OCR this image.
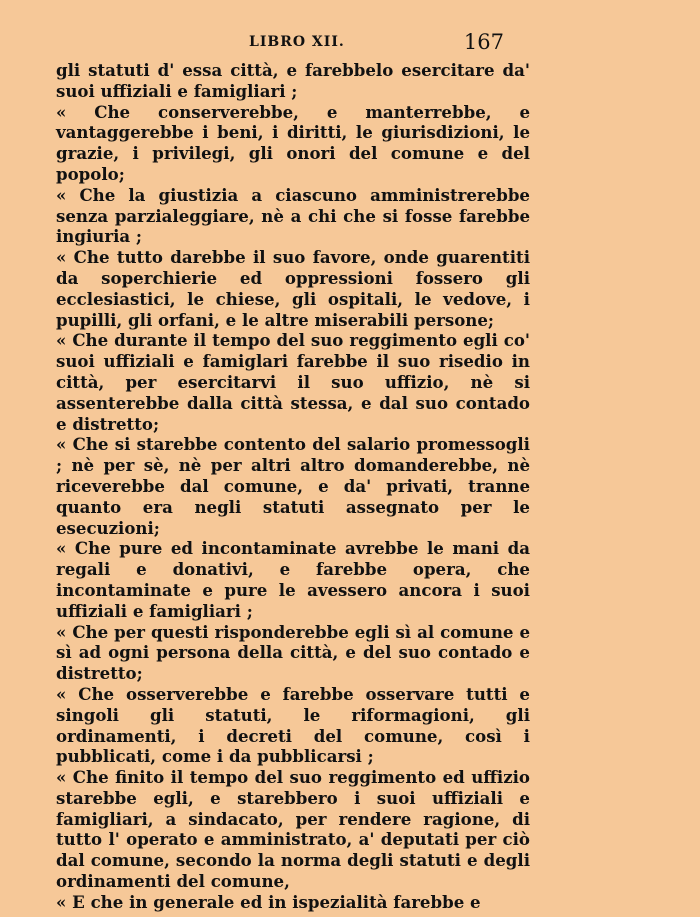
LIBRO XII.	167

gli statuti d' essa città, e farebbelo esercitare da' suoi uffiziali e famigliari ;

« Che conserverebbe, e manterrebbe, e vantaggerebbe i beni, i diritti, le giurisdizioni, le grazie, i privilegi, gli onori del comune e del popolo;

« Che la giustizia a ciascuno amministrerebbe senza parzialeggiare, nè a chi che si fosse farebbe ingiuria ;

« Che tutto darebbe il suo favore, onde guarentiti da soperchierie ed oppressioni fossero gli ecclesiastici, le chiese, gli ospitali, le vedove, i pupilli, gli orfani, e le altre miserabili persone;

« Che durante il tempo del suo reggimento egli co' suoi uffiziali e famiglari farebbe il suo risedio in città, per esercitarvi il suo uffizio, nè si assenterebbe dalla città stessa, e dal suo contado e distretto;

« Che si starebbe contento del salario promessogli ; nè per sè, nè per altri altro domanderebbe, nè riceverebbe dal comune, e da' privati, tranne quanto era negli statuti assegnato per le esecuzioni;

« Che pure ed incontaminate avrebbe le mani da regali e donativi, e farebbe opera, che incontaminate e pure le avessero ancora i suoi uffiziali e famigliari ;

« Che per questi risponderebbe egli sì al comune e sì ad ogni persona della città, e del suo contado e distretto;

« Che osserverebbe e farebbe osservare tutti e singoli gli statuti, le riformagioni, gli ordinamenti, i decreti del comune, così i pubblicati, come i da pubblicarsi ;

« Che finito il tempo del suo reggimento ed uffizio starebbe egli, e starebbero i suoi uffiziali e famigliari, a sindacato, per rendere ragione, di tutto l' operato e amministrato, a' deputati per ciò dal comune, secondo la norma degli statuti e degli ordinamenti del comune,

« E che in generale ed in ispezialità farebbe e
